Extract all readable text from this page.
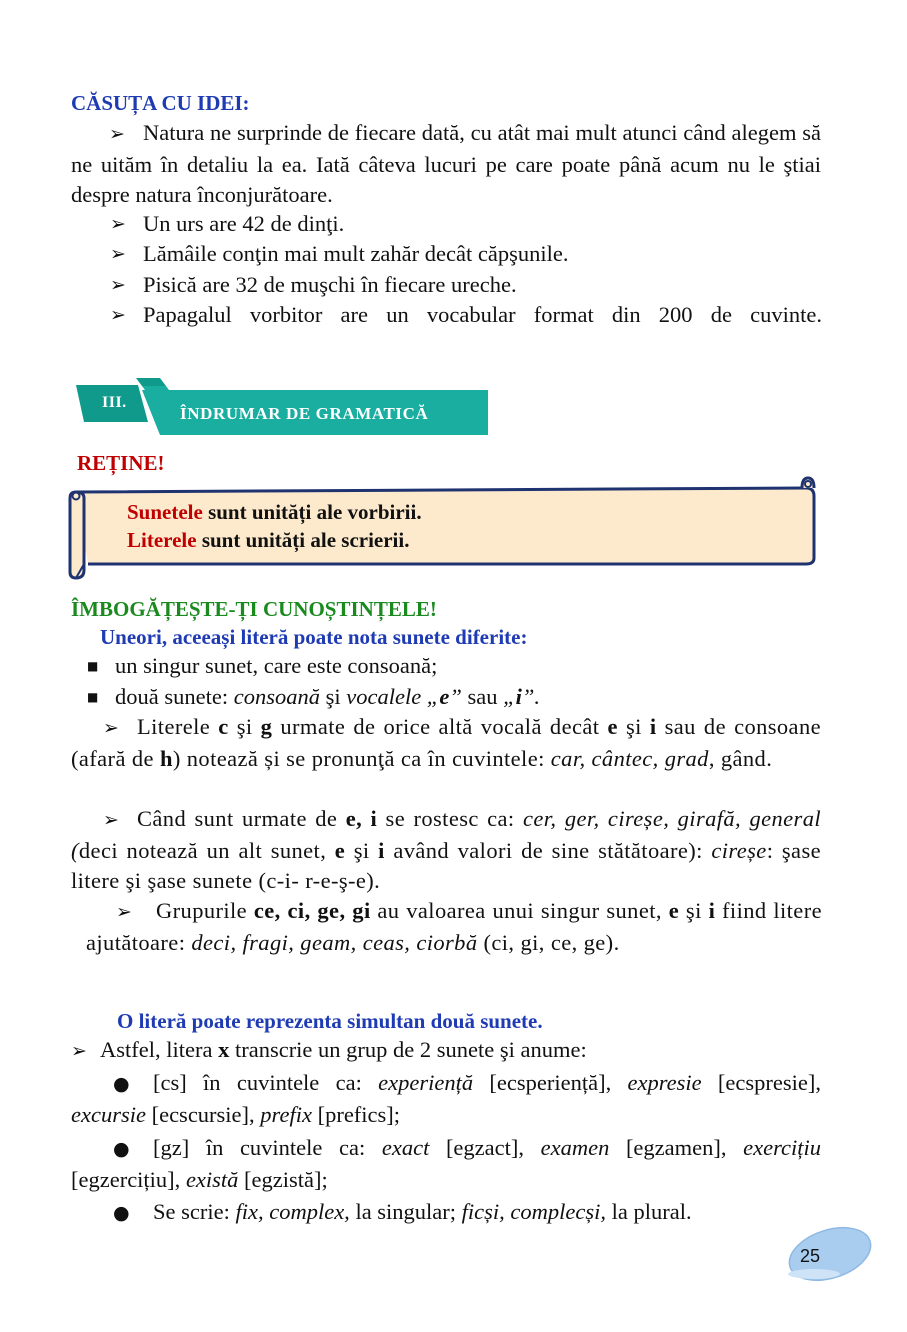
CĂSUȚA CU IDEI:
➢ Natura ne surprinde de fiecare dată, cu atât mai mult atunci când alegem să ne uităm în detaliu la ea. Iată câteva lucuri pe care poate până acum nu le ştiai despre natura înconjurătoare.
➢ Un urs are 42 de dinţi.
➢ Lămâile conţin mai mult zahăr decât căpşunile.
➢ Pisică are 32 de muşchi în fiecare ureche.
➢ Papagalul vorbitor are un vocabular format din 200 de cuvinte.
III.
ÎNDRUMAR DE GRAMATICĂ
REȚINE!
Sunetele sunt unități ale vorbirii.
Literele sunt unități ale scrierii.
ÎMBOGĂȚEȘTE-ȚI CUNOȘTINȚELE!
Uneori, aceeași literă poate nota sunete diferite:
■ un singur sunet, care este consoană;
■ două sunete: consoană şi vocalele „e” sau „i”.
➢ Literele c şi g urmate de orice altă vocală decât e şi i sau de consoane (afară de h) notează și se pronunţă ca în cuvintele: car, cântec, grad, gând.
➢ Când sunt urmate de e, i se rostesc ca: cer, ger, cireșe, girafă, general (deci notează un alt sunet, e şi i având valori de sine stătătoare): cireșe: şase litere şi şase sunete (c-i- r-e-ş-e).
➢ Grupurile ce, ci, ge, gi au valoarea unui singur sunet, e şi i fiind litere ajutătoare: deci, fragi, geam, ceas, ciorbă (ci, gi, ce, ge).
O literă poate reprezenta simultan două sunete.
➢ Astfel, litera x transcrie un grup de 2 sunete şi anume:
● [cs] în cuvintele ca: experiență [ecsperiență], expresie [ecspresie], excursie [ecscursie], prefix [prefics];
● [gz] în cuvintele ca: exact [egzact], examen [egzamen], exercițiu [egzercițiu], există [egzistă];
● Se scrie: fix, complex, la singular; ficși, complecși, la plural.
25
